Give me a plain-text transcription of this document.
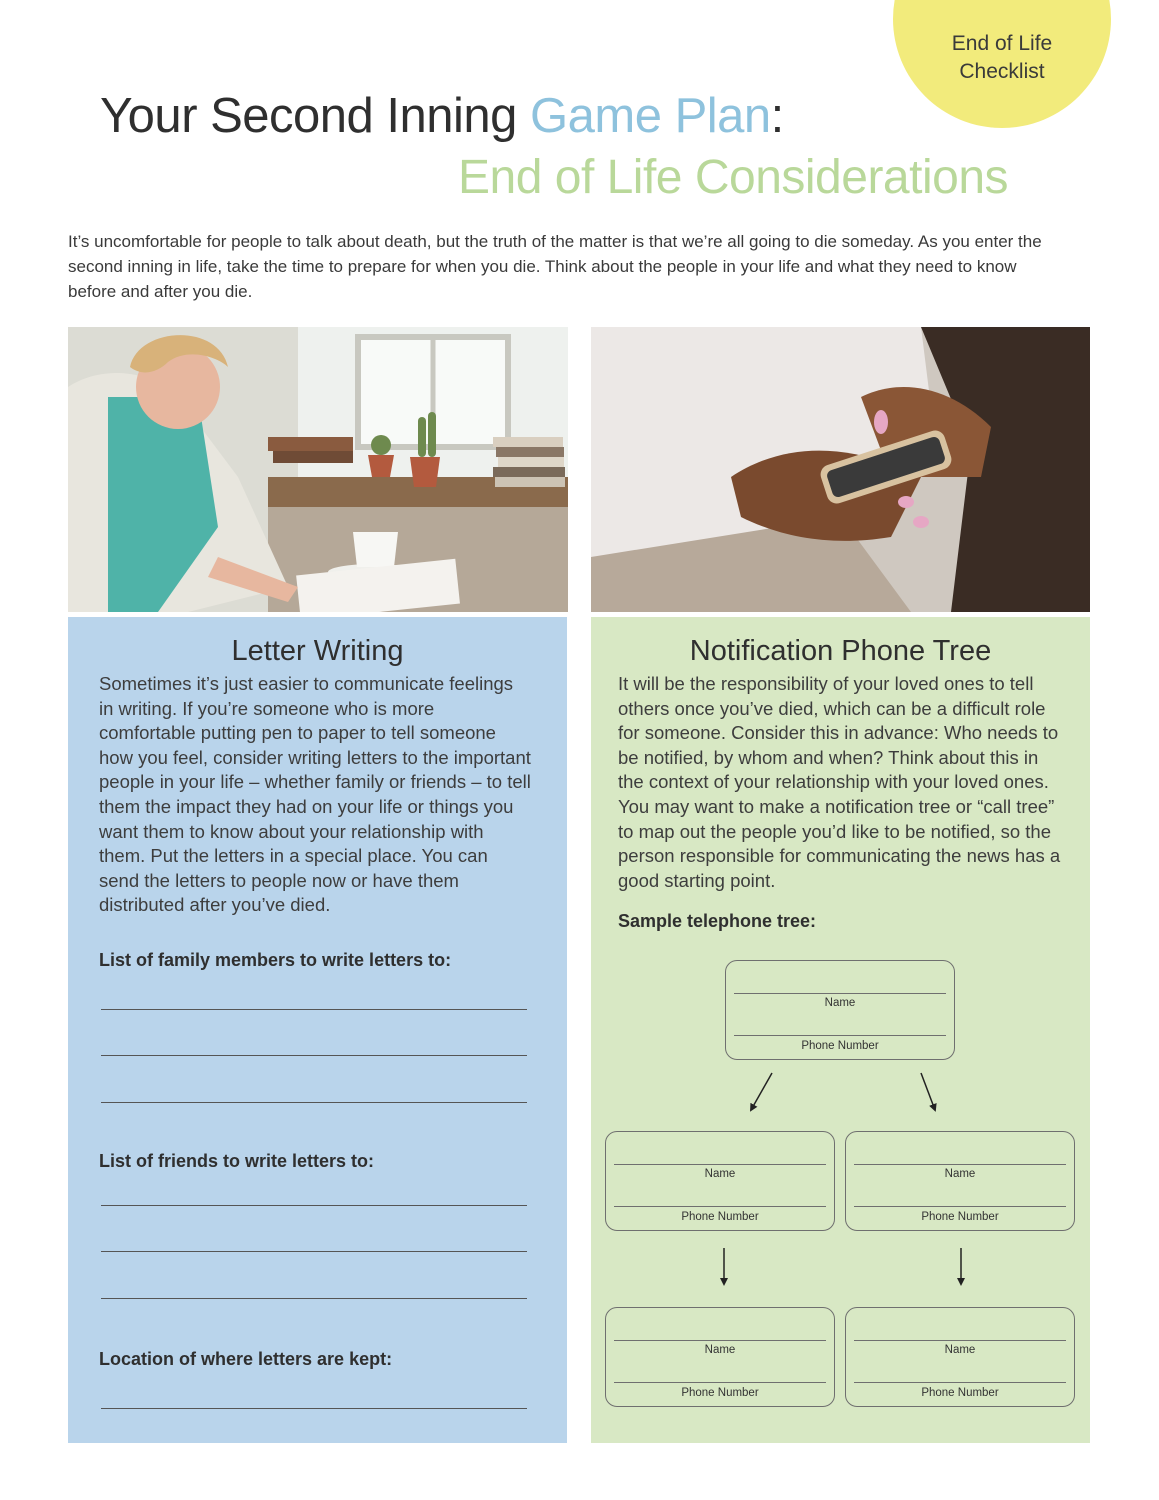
End of Life
Checklist
Your Second Inning Game Plan:
End of Life Considerations

It’s uncomfortable for people to talk about death, but the truth of the matter is that we’re all going to die someday. As you enter the second inning in life, take the time to prepare for when you die. Think about the people in your life and what they need to know before and after you die.

Letter Writing

Sometimes it’s just easier to communicate feelings in writing. If you’re someone who is more comfortable putting pen to paper to tell someone how you feel, consider writing letters to the important people in your life – whether family or friends – to tell them the impact they had on your life or things you want them to know about your relationship with them. Put the letters in a special place. You can send the letters to people now or have them distributed after you’ve died.

List of family members to write letters to:
List of friends to write letters to:
Location of where letters are kept:
Notification Phone Tree

It will be the responsibility of your loved ones to tell others once you’ve died, which can be a difficult role for someone. Consider this in advance: Who needs to be notified, by whom and when? Think about this in the context of your relationship with your loved ones. You may want to make a notification tree or “call tree” to map out the people you’d like to be notified, so the person responsible for communicating the news has a good starting point.

Sample telephone tree:
Name
Phone Number
Name
Phone Number
Name
Phone Number
Name
Phone Number
Name
Phone Number
